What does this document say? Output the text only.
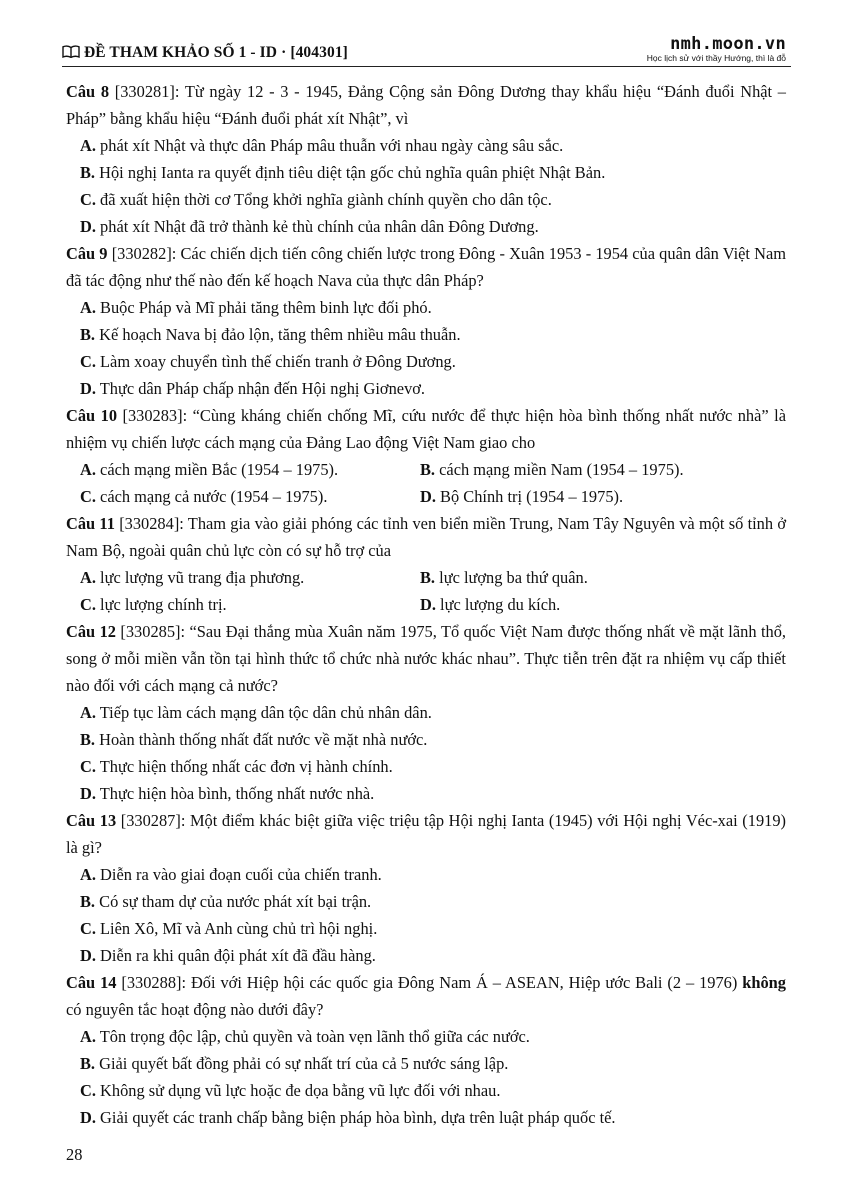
ĐỀ THAM KHẢO SỐ 1 - ID · [404301]	nmh.moon.vn
Học lịch sử với thầy Hướng, thì là đỗ

Câu 8 [330281]: Từ ngày 12 - 3 - 1945, Đảng Cộng sản Đông Dương thay khẩu hiệu “Đánh đuổi Nhật – Pháp” bằng khẩu hiệu “Đánh đuổi phát xít Nhật”, vì

A. phát xít Nhật và thực dân Pháp mâu thuẫn với nhau ngày càng sâu sắc.

B. Hội nghị Ianta ra quyết định tiêu diệt tận gốc chủ nghĩa quân phiệt Nhật Bản.

C. đã xuất hiện thời cơ Tổng khởi nghĩa giành chính quyền cho dân tộc.

D. phát xít Nhật đã trở thành kẻ thù chính của nhân dân Đông Dương.

Câu 9 [330282]: Các chiến dịch tiến công chiến lược trong Đông - Xuân 1953 - 1954 của quân dân Việt Nam đã tác động như thế nào đến kế hoạch Nava của thực dân Pháp?

A. Buộc Pháp và Mĩ phải tăng thêm binh lực đối phó.

B. Kế hoạch Nava bị đảo lộn, tăng thêm nhiều mâu thuẫn.

C. Làm xoay chuyển tình thế chiến tranh ở Đông Dương.

D. Thực dân Pháp chấp nhận đến Hội nghị Giơnevơ.

Câu 10 [330283]: “Cùng kháng chiến chống Mĩ, cứu nước để thực hiện hòa bình thống nhất nước nhà” là nhiệm vụ chiến lược cách mạng của Đảng Lao động Việt Nam giao cho

A. cách mạng miền Bắc (1954 – 1975).	B. cách mạng miền Nam (1954 – 1975).

C. cách mạng cả nước (1954 – 1975).	D. Bộ Chính trị (1954 – 1975).

Câu 11 [330284]: Tham gia vào giải phóng các tỉnh ven biển miền Trung, Nam Tây Nguyên và một số tỉnh ở Nam Bộ, ngoài quân chủ lực còn có sự hỗ trợ của

A. lực lượng vũ trang địa phương.	B. lực lượng ba thứ quân.

C. lực lượng chính trị.	D. lực lượng du kích.

Câu 12 [330285]: “Sau Đại thắng mùa Xuân năm 1975, Tổ quốc Việt Nam được thống nhất về mặt lãnh thổ, song ở mỗi miền vẫn tồn tại hình thức tổ chức nhà nước khác nhau”. Thực tiễn trên đặt ra nhiệm vụ cấp thiết nào đối với cách mạng cả nước?

A. Tiếp tục làm cách mạng dân tộc dân chủ nhân dân.

B. Hoàn thành thống nhất đất nước về mặt nhà nước.

C. Thực hiện thống nhất các đơn vị hành chính.

D. Thực hiện hòa bình, thống nhất nước nhà.

Câu 13 [330287]: Một điểm khác biệt giữa việc triệu tập Hội nghị Ianta (1945) với Hội nghị Véc-xai (1919) là gì?

A. Diễn ra vào giai đoạn cuối của chiến tranh.

B. Có sự tham dự của nước phát xít bại trận.

C. Liên Xô, Mĩ và Anh cùng chủ trì hội nghị.

D. Diễn ra khi quân đội phát xít đã đầu hàng.

Câu 14 [330288]: Đối với Hiệp hội các quốc gia Đông Nam Á – ASEAN, Hiệp ước Bali (2 – 1976) không có nguyên tắc hoạt động nào dưới đây?

A. Tôn trọng độc lập, chủ quyền và toàn vẹn lãnh thổ giữa các nước.

B. Giải quyết bất đồng phải có sự nhất trí của cả 5 nước sáng lập.

C. Không sử dụng vũ lực hoặc đe dọa bằng vũ lực đối với nhau.

D. Giải quyết các tranh chấp bằng biện pháp hòa bình, dựa trên luật pháp quốc tế.

28
